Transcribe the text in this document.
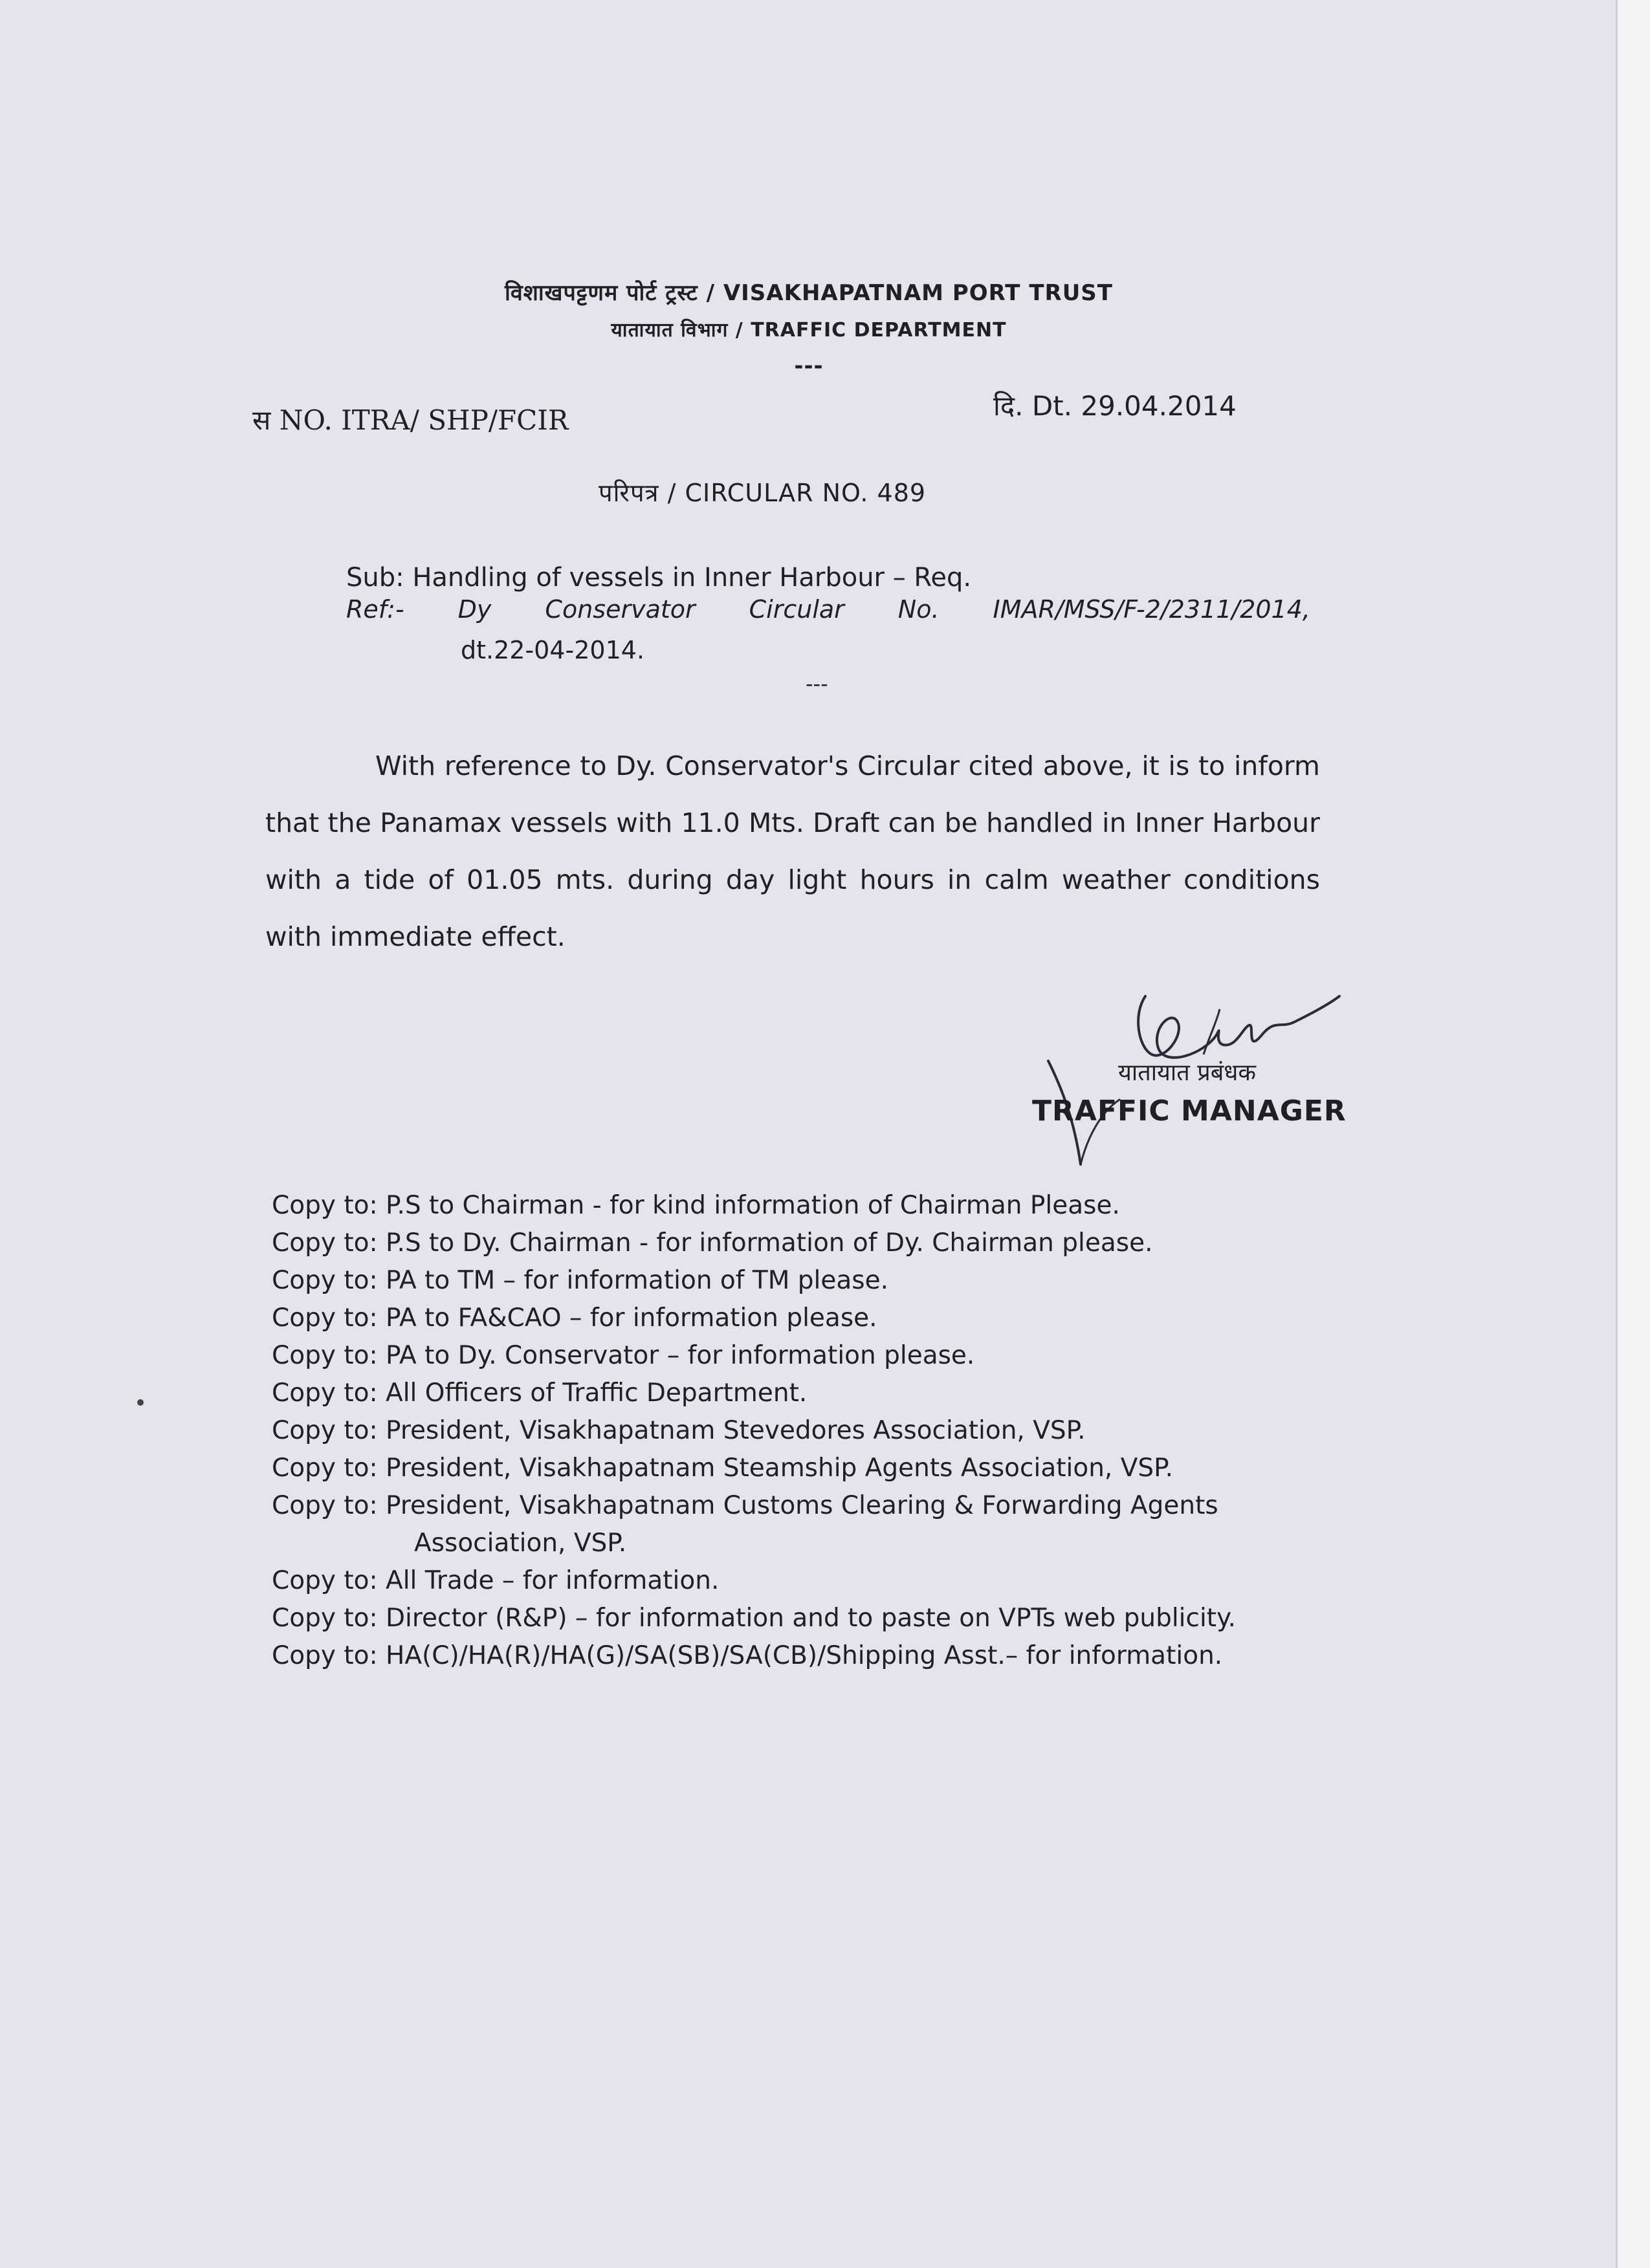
विशाखपट्टणम पोर्ट ट्रस्ट / VISAKHAPATNAM PORT TRUST
यातायात विभाग / TRAFFIC DEPARTMENT
---
स NO. ITRA/ SHP/FCIR	दि. Dt. 29.04.2014
परिपत्र / CIRCULAR NO. 489
Sub: Handling of vessels in Inner Harbour – Req.
Ref:- Dy Conservator Circular No. IMAR/MSS/F-2/2311/2014,
dt.22-04-2014.
---
With reference to Dy. Conservator's Circular cited above, it is to inform that the Panamax vessels with 11.0 Mts. Draft can be handled in Inner Harbour with a tide of 01.05 mts. during day light hours in calm weather conditions with immediate effect.
यातायात प्रबंधक
TRAFFIC MANAGER
Copy to: P.S to Chairman - for kind information of Chairman Please.
Copy to: P.S to Dy. Chairman - for information of Dy. Chairman please.
Copy to: PA to TM – for information of TM please.
Copy to: PA to FA&CAO – for information please.
Copy to: PA to Dy. Conservator – for information please.
Copy to: All Officers of Traffic Department.
Copy to: President, Visakhapatnam Stevedores Association, VSP.
Copy to: President, Visakhapatnam Steamship Agents Association, VSP.
Copy to: President, Visakhapatnam Customs Clearing & Forwarding Agents
Association, VSP.
Copy to: All Trade – for information.
Copy to: Director (R&P) – for information and to paste on VPTs web publicity.
Copy to: HA(C)/HA(R)/HA(G)/SA(SB)/SA(CB)/Shipping Asst.– for information.
